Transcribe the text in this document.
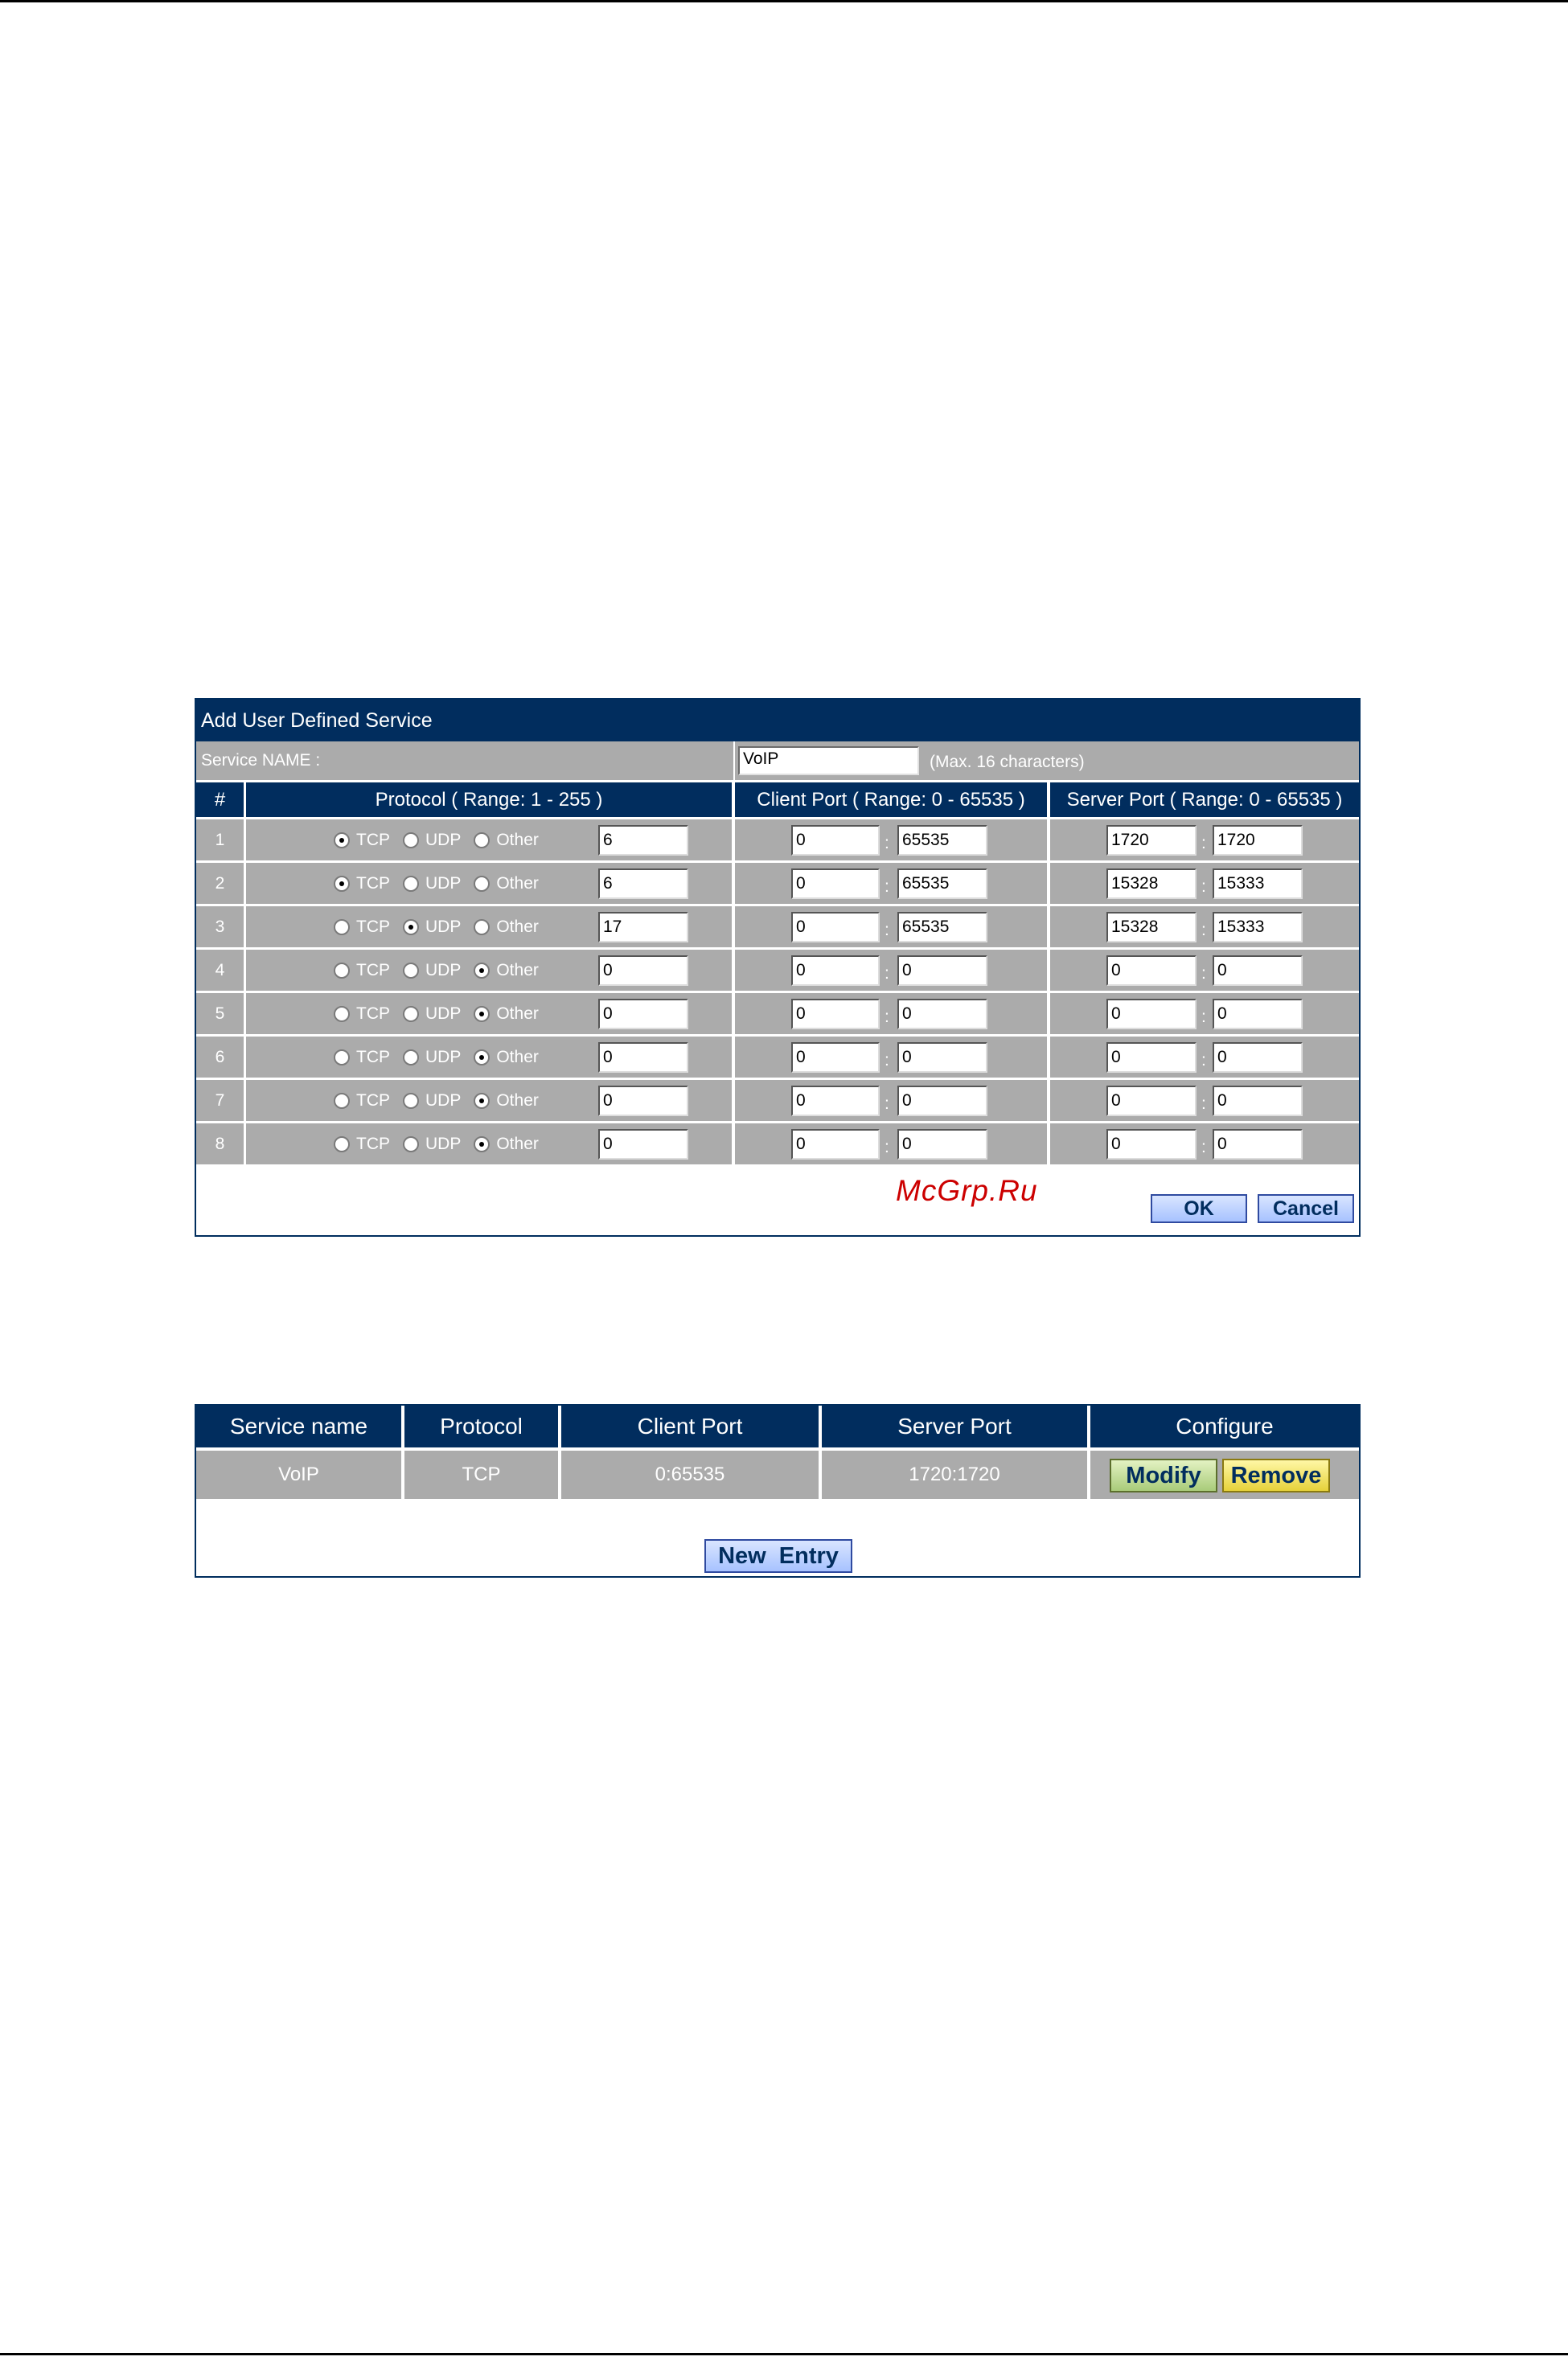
Add User Defined Service
Service NAME :	VoIP	(Max. 16 characters)
#	Protocol ( Range: 1 - 255 )	Client Port ( Range: 0 - 65535 )	Server Port ( Range: 0 - 65535 )
1	TCP UDP Other	6	0	: 65535	1720	: 1720
2	TCP UDP Other	6	0	: 65535	15328	: 15333
3	TCP UDP Other	17	0	: 65535	15328	: 15333
4	TCP UDP Other	0	0	: 0	0	: 0
5	TCP UDP Other	0	0	: 0	0	: 0
6	TCP UDP Other	0	0	: 0	0	: 0
7	TCP UDP Other	0	0	: 0	0	: 0
8	TCP UDP Other	0	0	: 0	0	: 0
McGrp.Ru
OK	Cancel
Service name	Protocol	Client Port	Server Port	Configure
VoIP	TCP	0:65535	1720:1720	Modify	Remove
New  Entry
